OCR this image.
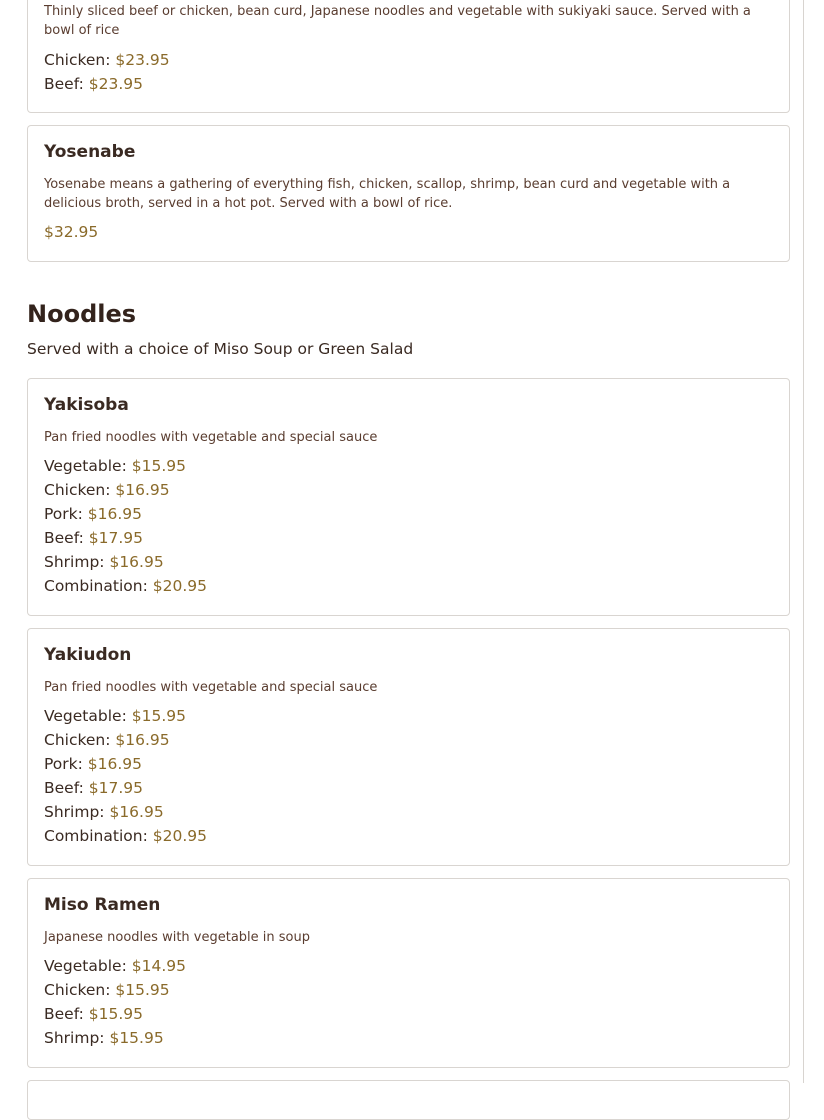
Thinly sliced beef or chicken, bean curd, Japanese noodles and vegetable with sukiyaki sauce. Served with a bowl of rice
Chicken: $23.95
Beef: $23.95
Yosenabe
Yosenabe means a gathering of everything fish, chicken, scallop, shrimp, bean curd and vegetable with a delicious broth, served in a hot pot. Served with a bowl of rice.
$32.95
Noodles
Served with a choice of Miso Soup or Green Salad
Yakisoba
Pan fried noodles with vegetable and special sauce
Vegetable: $15.95
Chicken: $16.95
Pork: $16.95
Beef: $17.95
Shrimp: $16.95
Combination: $20.95
Yakiudon
Pan fried noodles with vegetable and special sauce
Vegetable: $15.95
Chicken: $16.95
Pork: $16.95
Beef: $17.95
Shrimp: $16.95
Combination: $20.95
Miso Ramen
Japanese noodles with vegetable in soup
Vegetable: $14.95
Chicken: $15.95
Beef: $15.95
Shrimp: $15.95
